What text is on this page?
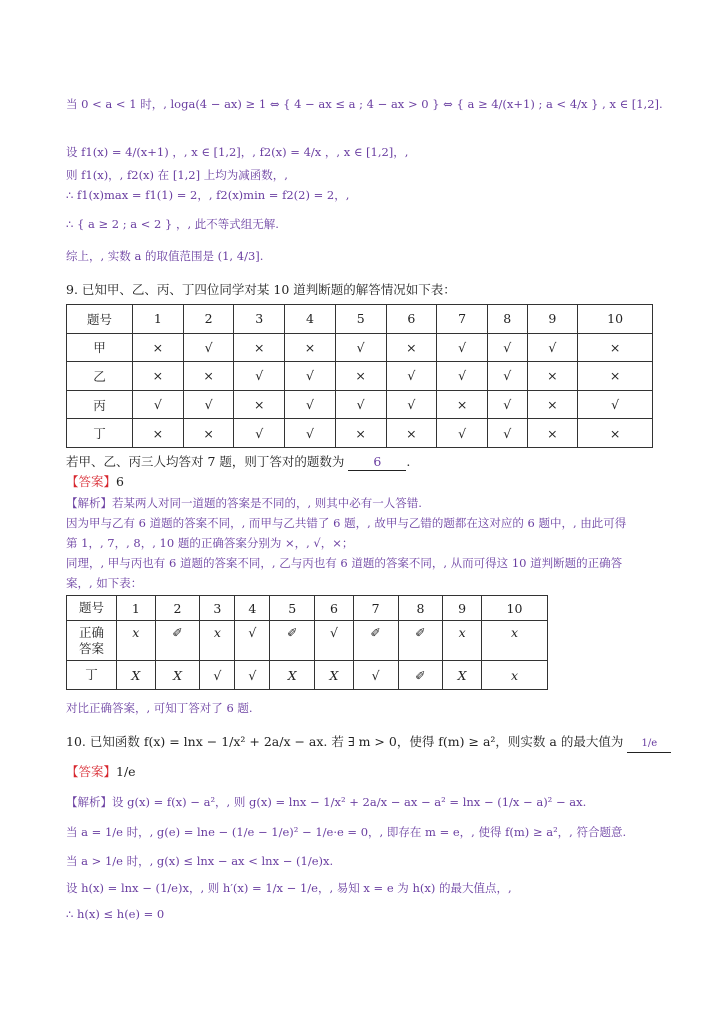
当 0 < a < 1 时，, loga(4 − ax) ≥ 1 ⇔ { 4 − ax ≤ a ; 4 − ax > 0 } ⇔ { a ≥ 4/(x+1) ; a < 4/x } , x ∈ [1,2].
设 f1(x) = 4/(x+1) ，, x ∈ [1,2]，, f2(x) = 4/x ，, x ∈ [1,2]，,
则 f1(x)，, f2(x) 在 [1,2] 上均为减函数，,
∴ f1(x)max = f1(1) = 2，, f2(x)min = f2(2) = 2，,
∴ { a ≥ 2 ; a < 2 } ，, 此不等式组无解.
综上，, 实数 a 的取值范围是 (1, 4/3].
9. 已知甲、乙、丙、丁四位同学对某 10 道判断题的解答情况如下表：
题号	1	2	3	4	5	6	7	8	9	10
甲	×	√	×	×	√	×	√	√	√	×
乙	×	×	√	√	×	√	√	√	×	×
丙	√	√	×	√	√	√	×	√	×	√
丁	×	×	√	√	×	×	√	√	×	×
若甲、乙、丙三人均答对 7 题，则丁答对的题数为 6 .
【答案】6
【解析】若某两人对同一道题的答案是不同的，, 则其中必有一人答错.
因为甲与乙有 6 道题的答案不同，, 而甲与乙共错了 6 题，, 故甲与乙错的题都在这对应的 6 题中，, 由此可得
第 1，, 7，, 8，, 10 题的正确答案分别为 ×，, √，×；
同理，, 甲与丙也有 6 道题的答案不同，, 乙与丙也有 6 道题的答案不同，, 从而可得这 10 道判断题的正确答
案，, 如下表：
题号	1	2	3	4	5	6	7	8	9	10
正确答案	x	✐	x	√	✐	√	✐	✐	x	x
丁	X	X	√	√	X	X	√	✐	X	x
对比正确答案，, 可知丁答对了 6 题.
10. 已知函数 f(x) = lnx − 1/x² + 2a/x − ax. 若 ∃ m > 0，使得 f(m) ≥ a²，则实数 a 的最大值为 1/e
【答案】1/e
【解析】设 g(x) = f(x) − a²，, 则 g(x) = lnx − 1/x² + 2a/x − ax − a² = lnx − (1/x − a)² − ax.
当 a = 1/e 时，, g(e) = lne − (1/e − 1/e)² − 1/e·e = 0，, 即存在 m = e，, 使得 f(m) ≥ a²，, 符合题意.
当 a > 1/e 时，, g(x) ≤ lnx − ax < lnx − (1/e)x.
设 h(x) = lnx − (1/e)x，, 则 h′(x) = 1/x − 1/e，, 易知 x = e 为 h(x) 的最大值点，,
∴ h(x) ≤ h(e) = 0
